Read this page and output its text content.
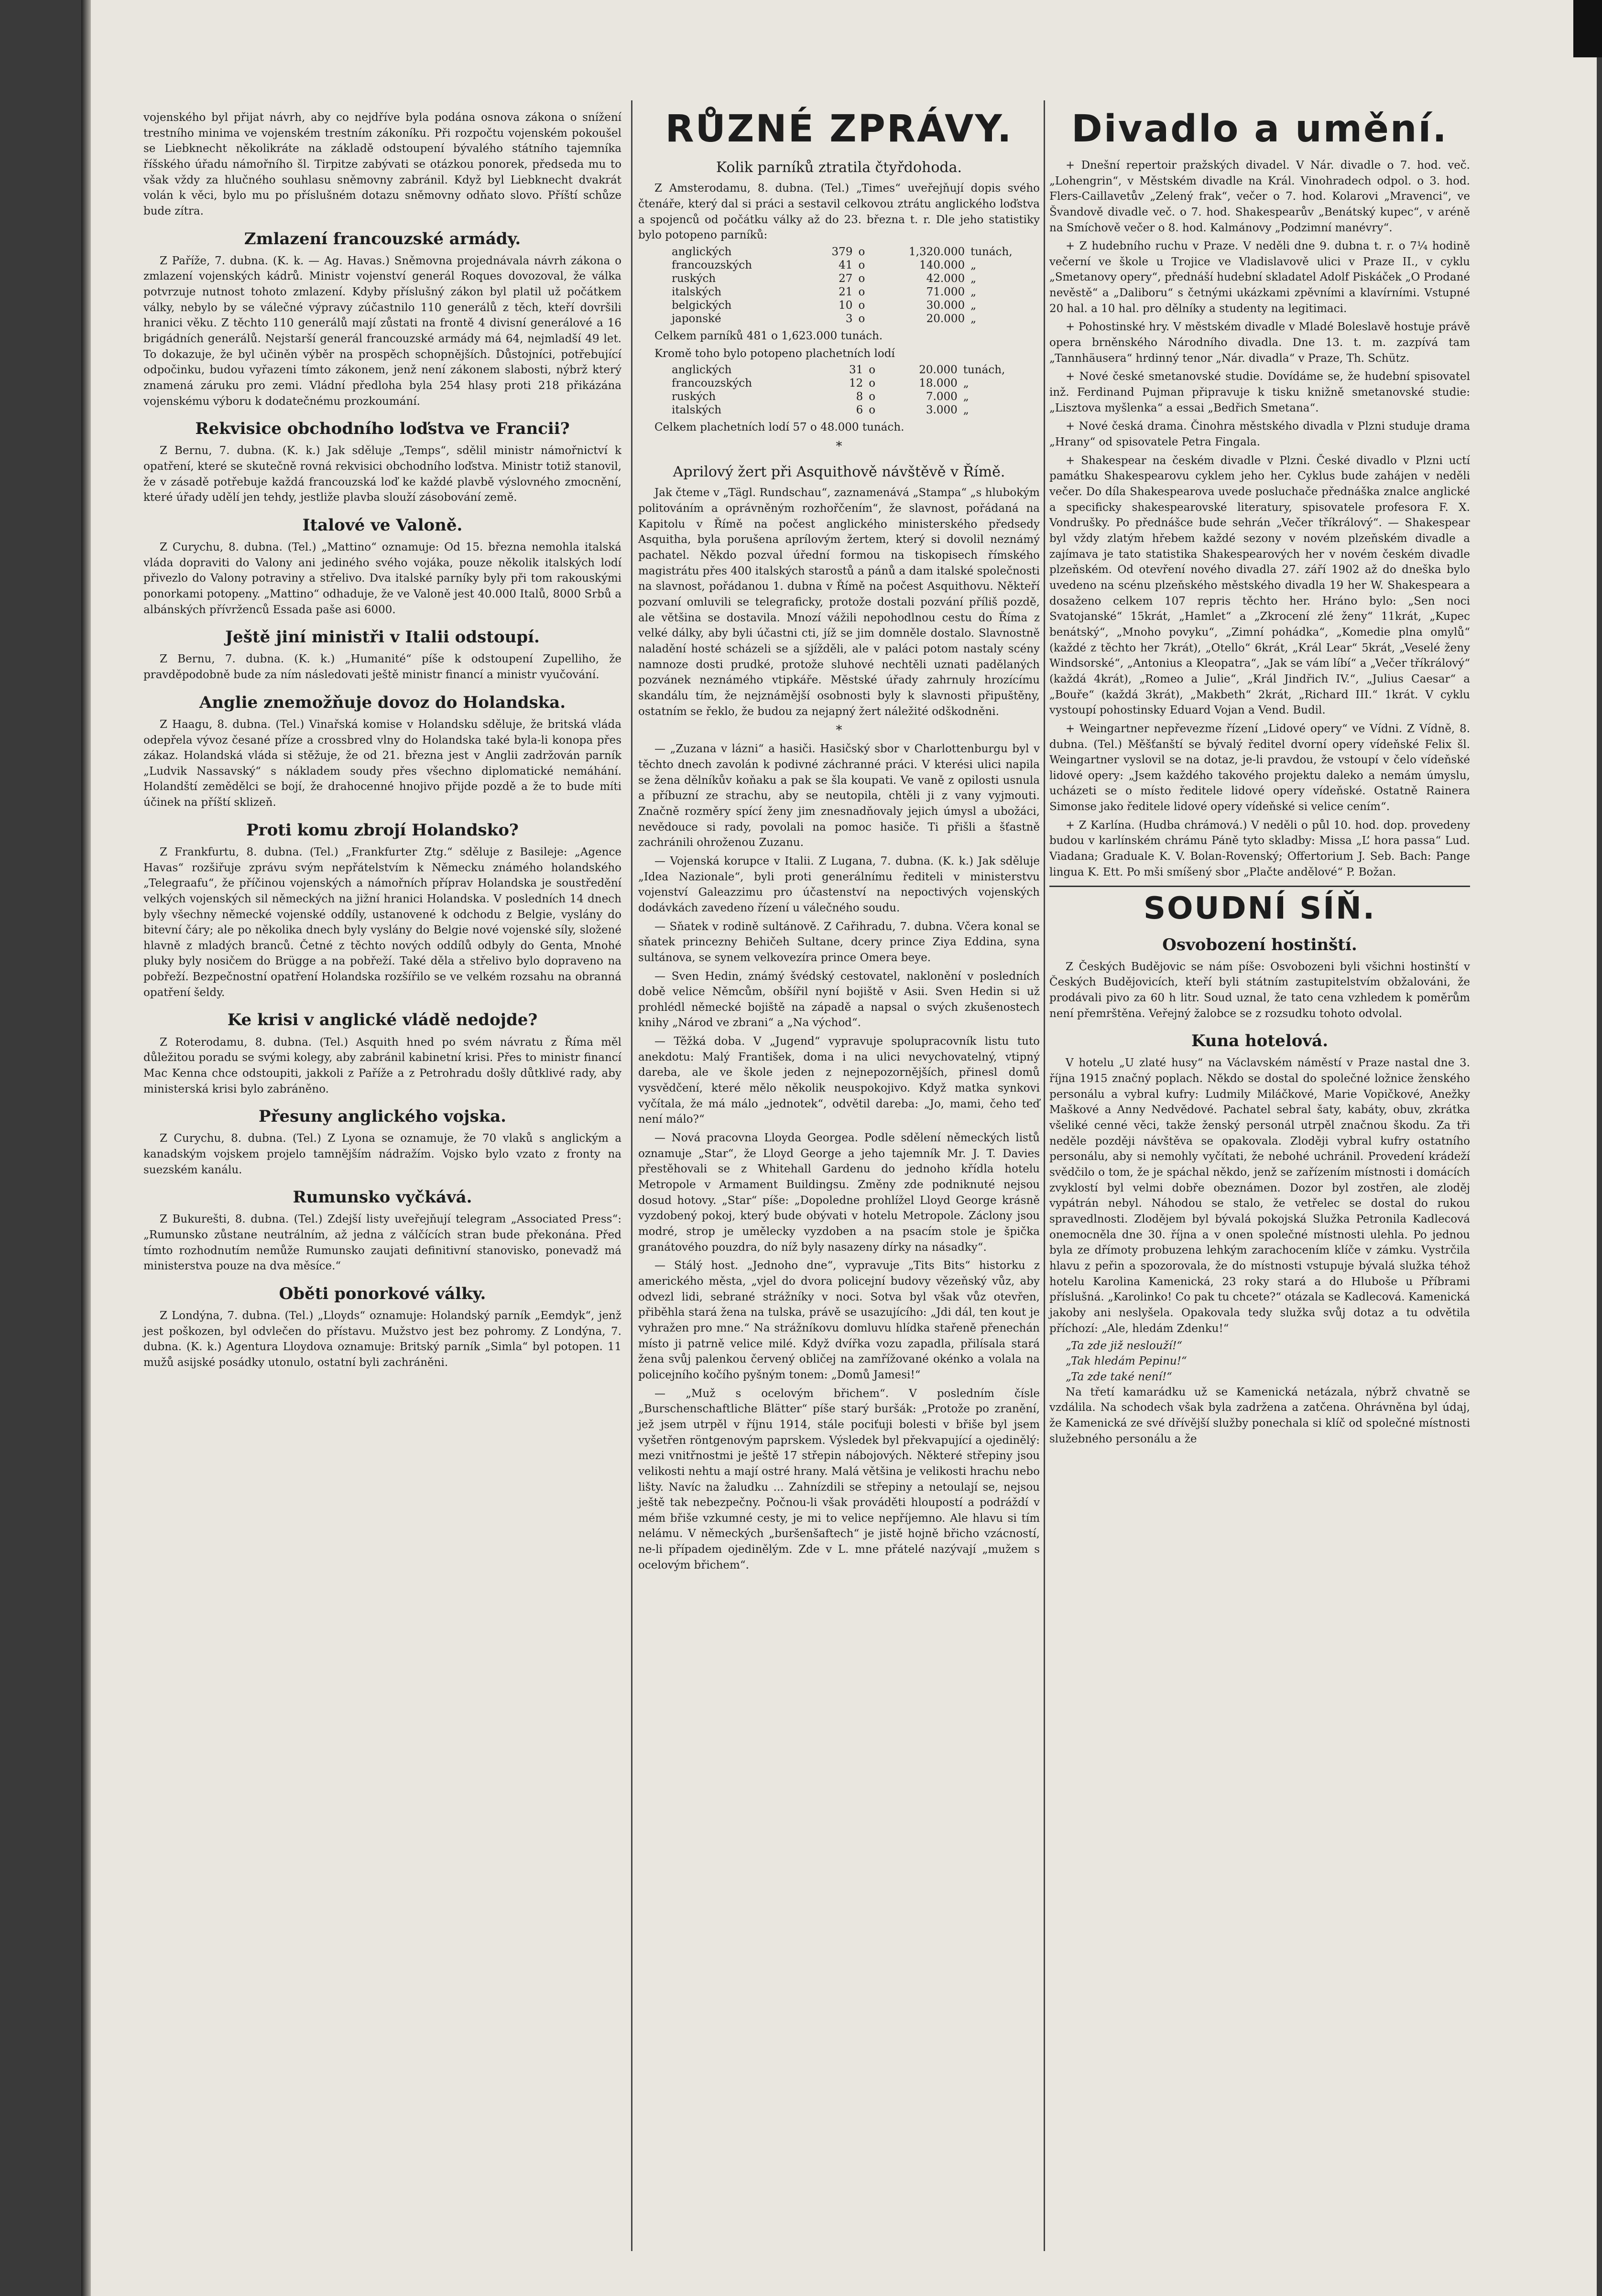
vojenského byl přijat návrh, aby co nejdříve byla podána osnova zákona o snížení trestního minima ve vojenském trestním zákoníku. Při rozpočtu vojenském pokoušel se Liebknecht několikráte na základě odstoupení bývalého státního tajemníka říšského úřadu námořního šl. Tirpitze zabývati se otázkou ponorek, předseda mu to však vždy za hlučného souhlasu sněmovny zabránil. Když byl Liebknecht dvakrát volán k věci, bylo mu po příslušném dotazu sněmovny odňato slovo. Příští schůze bude zítra.

Zmlazení francouzské armády.

Z Paříže, 7. dubna. (K. k. — Ag. Havas.) Sněmovna projednávala návrh zákona o zmlazení vojenských kádrů. Ministr vojenství generál Roques dovozoval, že válka potvrzuje nutnost tohoto zmlazení. Kdyby příslušný zákon byl platil už počátkem války, nebylo by se válečné výpravy zúčastnilo 110 generálů z těch, kteří dovršili hranici věku. Z těchto 110 generálů mají zůstati na frontě 4 divisní generálové a 16 brigádních generálů. Nejstarší generál francouzské armády má 64, nejmladší 49 let. To dokazuje, že byl učiněn výběr na prospěch schopnějších. Důstojníci, potřebující odpočinku, budou vyřazeni tímto zákonem, jenž není zákonem slabosti, nýbrž který znamená záruku pro zemi. Vládní předloha byla 254 hlasy proti 218 přikázána vojenskému výboru k dodatečnému prozkoumání.

Rekvisice obchodního loďstva ve Francii?

Z Bernu, 7. dubna. (K. k.) Jak sděluje „Temps“, sdělil ministr námořnictví k opatření, které se skutečně rovná rekvisici obchodního loďstva. Ministr totiž stanovil, že v zásadě potřebuje každá francouzská loď ke každé plavbě výslovného zmocnění, které úřady udělí jen tehdy, jestliže plavba slouží zásobování země.

Italové ve Valoně.

Z Curychu, 8. dubna. (Tel.) „Mattino“ oznamuje: Od 15. března nemohla italská vláda dopraviti do Valony ani jediného svého vojáka, pouze několik italských lodí přivezlo do Valony potraviny a střelivo. Dva italské parníky byly při tom rakouskými ponorkami potopeny. „Mattino“ odhaduje, že ve Valoně jest 40.000 Italů, 8000 Srbů a albánských přívrženců Essada paše asi 6000.

Ještě jiní ministři v Italii odstoupí.

Z Bernu, 7. dubna. (K. k.) „Humanité“ píše k odstoupení Zupelliho, že pravděpodobně bude za ním následovati ještě ministr financí a ministr vyučování.

Anglie znemožňuje dovoz do Holandska.

Z Haagu, 8. dubna. (Tel.) Vinařská komise v Holandsku sděluje, že britská vláda odepřela vývoz česané příze a crossbred vlny do Holandska také byla-li konopa přes zákaz. Holandská vláda si stěžuje, že od 21. března jest v Anglii zadržován parník „Ludvik Nassavský“ s nákladem soudy přes všechno diplomatické nemáhání. Holandští zemědělci se bojí, že drahocenné hnojivo přijde pozdě a že to bude míti účinek na příští sklizeň.

Proti komu zbrojí Holandsko?

Z Frankfurtu, 8. dubna. (Tel.) „Frankfurter Ztg.“ sděluje z Basileje: „Agence Havas“ rozšiřuje zprávu svým nepřátelstvím k Německu známého holandského „Telegraafu“, že příčinou vojenských a námořních příprav Holandska je soustředění velkých vojenských sil německých na jižní hranici Holandska. V posledních 14 dnech byly všechny německé vojenské oddíly, ustanovené k odchodu z Belgie, vyslány do bitevní čáry; ale po několika dnech byly vyslány do Belgie nové vojenské síly, složené hlavně z mladých branců. Četné z těchto nových oddílů odbyly do Genta, Mnohé pluky byly nosičem do Brügge a na pobřeží. Také děla a střelivo bylo dopraveno na pobřeží. Bezpečnostní opatření Holandska rozšířilo se ve velkém rozsahu na obranná opatření šeldy.

Ke krisi v anglické vládě nedojde?

Z Roterodamu, 8. dubna. (Tel.) Asquith hned po svém návratu z Říma měl důležitou poradu se svými kolegy, aby zabránil kabinetní krisi. Přes to ministr financí Mac Kenna chce odstoupiti, jakkoli z Paříže a z Petrohradu došly důtklivé rady, aby ministerská krisi bylo zabráněno.

Přesuny anglického vojska.

Z Curychu, 8. dubna. (Tel.) Z Lyona se oznamuje, že 70 vlaků s anglickým a kanadským vojskem projelo tamnějším nádražím. Vojsko bylo vzato z fronty na suezském kanálu.

Rumunsko vyčkává.

Z Bukurešti, 8. dubna. (Tel.) Zdejší listy uveřejňují telegram „Associated Press“: „Rumunsko zůstane neutrálním, až jedna z válčících stran bude překonána. Před tímto rozhodnutím nemůže Rumunsko zaujati definitivní stanovisko, ponevadž má ministerstva pouze na dva měsíce.“

Oběti ponorkové války.

Z Londýna, 7. dubna. (Tel.) „Lloyds“ oznamuje: Holandský parník „Eemdyk“, jenž jest poškozen, byl odvlečen do přístavu. Mužstvo jest bez pohromy. Z Londýna, 7. dubna. (K. k.) Agentura Lloydova oznamuje: Britský parník „Simla“ byl potopen. 11 mužů asijské posádky utonulo, ostatní byli zachráněni.

RŮZNÉ ZPRÁVY.
Kolik parníků ztratila čtyřdohoda.

Z Amsterodamu, 8. dubna. (Tel.) „Times“ uveřejňují dopis svého čtenáře, který dal si práci a sestavil celkovou ztrátu anglického loďstva a spojenců od počátku války až do 23. března t. r. Dle jeho statistiky bylo potopeno parníků:

anglických	379	o	1,320.000	tunách,
francouzských	41	o	140.000	„
ruských	27	o	42.000	„
italských	21	o	71.000	„
belgických	10	o	30.000	„
japonské	3	o	20.000	„

Celkem parníků 481 o 1,623.000 tunách.

Kromě toho bylo potopeno plachetních lodí

anglických	31	o	20.000	tunách,
francouzských	12	o	18.000	„
ruských	8	o	7.000	„
italských	6	o	3.000	„

Celkem plachetních lodí 57 o 48.000 tunách.

*
Aprilový žert při Asquithově návštěvě v Římě.

Jak čteme v „Tägl. Rundschau“, zaznamenává „Stampa“ „s hlubokým politováním a oprávněným rozhořčením“, že slavnost, pořádaná na Kapitolu v Římě na počest anglického ministerského předsedy Asquitha, byla porušena aprílovým žertem, který si dovolil neznámý pachatel. Někdo pozval úřední formou na tiskopisech římského magistrátu přes 400 italských starostů a pánů a dam italské společnosti na slavnost, pořádanou 1. dubna v Římě na počest Asquithovu. Někteří pozvaní omluvili se telegraficky, protože dostali pozvání příliš pozdě, ale většina se dostavila. Mnozí vážili nepohodlnou cestu do Říma z velké dálky, aby byli účastni cti, jíž se jim domněle dostalo. Slavnostně naladění hosté scházeli se a sjížděli, ale v paláci potom nastaly scény namnoze dosti prudké, protože sluhové nechtěli uznati padělaných pozvánek neznámého vtipkáře. Městské úřady zahrnuly hrozícímu skandálu tím, že nejznámější osobnosti byly k slavnosti připuštěny, ostatním se řeklo, že budou za nejapný žert náležité odškodněni.

*

— „Zuzana v lázni“ a hasiči. Hasičský sbor v Charlottenburgu byl v těchto dnech zavolán k podivné záchranné práci. V kterési ulici napila se žena dělníkův koňaku a pak se šla koupati. Ve vaně z opilosti usnula a příbuzní ze strachu, aby se neutopila, chtěli ji z vany vyjmouti. Značně rozměry spící ženy jim znesnadňovaly jejich úmysl a ubožáci, nevědouce si rady, povolali na pomoc hasiče. Ti přišli a šťastně zachránili ohroženou Zuzanu.

— Vojenská korupce v Italii. Z Lugana, 7. dubna. (K. k.) Jak sděluje „Idea Nazionale“, byli proti generálnímu řediteli v ministerstvu vojenství Galeazzimu pro účastenství na nepoctivých vojenských dodávkách zavedeno řízení u válečného soudu.

— Sňatek v rodině sultánově. Z Cařihradu, 7. dubna. Včera konal se sňatek princezny Behičeh Sultane, dcery prince Ziya Eddina, syna sultánova, se synem velkovezíra prince Omera beye.

— Sven Hedin, známý švédský cestovatel, naklonění v posledních době velice Němcům, obšířil nyní bojiště v Asii. Sven Hedin si už prohlédl německé bojiště na západě a napsal o svých zkušenostech knihy „Národ ve zbrani“ a „Na východ“.

— Těžká doba. V „Jugend“ vypravuje spolupracovník listu tuto anekdotu: Malý František, doma i na ulici nevychovatelný, vtipný dareba, ale ve škole jeden z nejnepozornějších, přinesl domů vysvědčení, které mělo několik neuspokojivo. Když matka synkovi vyčítala, že má málo „jednotek“, odvětil dareba: „Jo, mami, čeho teď není málo?“

— Nová pracovna Lloyda Georgea. Podle sdělení německých listů oznamuje „Star“, že Lloyd George a jeho tajemník Mr. J. T. Davies přestěhovali se z Whitehall Gardenu do jednoho křídla hotelu Metropole v Armament Buildingsu. Změny zde podniknuté nejsou dosud hotovy. „Star“ píše: „Dopoledne prohlížel Lloyd George krásně vyzdobený pokoj, který bude obývati v hotelu Metropole. Záclony jsou modré, strop je umělecky vyzdoben a na psacím stole je špička granátového pouzdra, do níž byly nasazeny dírky na násadky“.

— Stálý host. „Jednoho dne“, vypravuje „Tits Bits“ historku z amerického města, „vjel do dvora policejní budovy vězeňský vůz, aby odvezl lidi, sebrané strážníky v noci. Sotva byl však vůz otevřen, přiběhla stará žena na tulska, právě se usazujícího: „Jdi dál, ten kout je vyhražen pro mne.“ Na strážníkovu domluvu hlídka stařeně přenechán místo ji patrně velice milé. Když dvířka vozu zapadla, přilísala stará žena svůj palenkou červený obličej na zamřížované okénko a volala na policejního kočího pyšným tonem: „Domů Jamesi!“

— „Muž s ocelovým břichem“. V posledním čísle „Burschenschaftliche Blätter“ píše starý buršák: „Protože po zranění, jež jsem utrpěl v říjnu 1914, stále pociťuji bolesti v břiše byl jsem vyšetřen röntgenovým paprskem. Výsledek byl překvapující a ojedinělý: mezi vnitřnostmi je ještě 17 střepin nábojových. Některé střepiny jsou velikosti nehtu a mají ostré hrany. Malá většina je velikosti hrachu nebo lišty. Navíc na žaludku ... Zahnízdili se střepiny a netoulají se, nejsou ještě tak nebezpečny. Počnou-li však prováděti hloupostí a podráždí v mém břiše vzkumné cesty, je mi to velice nepříjemno. Ale hlavu si tím nelámu. V německých „buršenšaftech“ je jistě hojně břicho vzácností, ne-li případem ojedinělým. Zde v L. mne přátelé nazývají „mužem s ocelovým břichem“.

Divadlo a umění.

+ Dnešní repertoir pražských divadel. V Nár. divadle o 7. hod. več. „Lohengrin“, v Městském divadle na Král. Vinohradech odpol. o 3. hod. Flers-Caillavetův „Zelený frak“, večer o 7. hod. Kolarovi „Mravenci“, ve Švandově divadle več. o 7. hod. Shakespearův „Benátský kupec“, v aréně na Smíchově večer o 8. hod. Kalmánovy „Podzimní manévry“.

+ Z hudebního ruchu v Praze. V neděli dne 9. dubna t. r. o 7¼ hodině večerní ve škole u Trojice ve Vladislavově ulici v Praze II., v cyklu „Smetanovy opery“, přednáší hudební skladatel Adolf Piskáček „O Prodané nevěstě“ a „Daliboru“ s četnými ukázkami zpěvními a klavírními. Vstupné 20 hal. a 10 hal. pro dělníky a studenty na legitimaci.

+ Pohostinské hry. V městském divadle v Mladé Boleslavě hostuje právě opera brněnského Národního divadla. Dne 13. t. m. zazpívá tam „Tannhäusera“ hrdinný tenor „Nár. divadla“ v Praze, Th. Schütz.

+ Nové české smetanovské studie. Dovídáme se, že hudební spisovatel inž. Ferdinand Pujman připravuje k tisku knižně smetanovské studie: „Lisztova myšlenka“ a essai „Bedřich Smetana“.

+ Nové česká drama. Činohra městského divadla v Plzni studuje drama „Hrany“ od spisovatele Petra Fingala.

+ Shakespear na českém divadle v Plzni. České divadlo v Plzni uctí památku Shakespearovu cyklem jeho her. Cyklus bude zahájen v neděli večer. Do díla Shakespearova uvede posluchače přednáška znalce anglické a specificky shakespearovské literatury, spisovatele profesora F. X. Vondrušky. Po přednášce bude sehrán „Večer tříkrálový“. — Shakespear byl vždy zlatým hřebem každé sezony v novém plzeňském divadle a zajímava je tato statistika Shakespearových her v novém českém divadle plzeňském. Od otevření nového divadla 27. září 1902 až do dneška bylo uvedeno na scénu plzeňského městského divadla 19 her W. Shakespeara a dosaženo celkem 107 repris těchto her. Hráno bylo: „Sen noci Svatojanské“ 15krát, „Hamlet“ a „Zkrocení zlé ženy“ 11krát, „Kupec benátský“, „Mnoho povyku“, „Zimní pohádka“, „Komedie plna omylů“ (každé z těchto her 7krát), „Otello“ 6krát, „Král Lear“ 5krát, „Veselé ženy Windsorské“, „Antonius a Kleopatra“, „Jak se vám líbí“ a „Večer tříkrálový“ (každá 4krát), „Romeo a Julie“, „Král Jindřich IV.“, „Julius Caesar“ a „Bouře“ (každá 3krát), „Makbeth“ 2krát, „Richard III.“ 1krát. V cyklu vystoupí pohostinsky Eduard Vojan a Vend. Budil.

+ Weingartner nepřevezme řízení „Lidové opery“ ve Vídni. Z Vídně, 8. dubna. (Tel.) Měšťanští se bývalý ředitel dvorní opery vídeňské Felix šl. Weingartner vyslovil se na dotaz, je-li pravdou, že vstoupí v čelo vídeňské lidové opery: „Jsem každého takového projektu daleko a nemám úmyslu, ucházeti se o místo ředitele lidové opery vídeňské. Ostatně Rainera Simonse jako ředitele lidové opery vídeňské si velice cením“.

+ Z Karlína. (Hudba chrámová.) V neděli o půl 10. hod. dop. provedeny budou v karlínském chrámu Páně tyto skladby: Missa „L’ hora passa“ Lud. Viadana; Graduale K. V. Bolan-Rovenský; Offertorium J. Seb. Bach: Pange lingua K. Ett. Po mši smíšený sbor „Plačte andělové“ P. Božan.

SOUDNÍ SÍŇ.
Osvobození hostinští.

Z Českých Budějovic se nám píše: Osvobozeni byli všichni hostinští v Českých Budějovicích, kteří byli státním zastupitelstvím obžalováni, že prodávali pivo za 60 h litr. Soud uznal, že tato cena vzhledem k poměrům není přemrštěna. Veřejný žalobce se z rozsudku tohoto odvolal.

Kuna hotelová.

V hotelu „U zlaté husy“ na Václavském náměstí v Praze nastal dne 3. října 1915 značný poplach. Někdo se dostal do společné ložnice ženského personálu a vybral kufry: Ludmily Miláčkové, Marie Vopičkové, Anežky Maškové a Anny Nedvědové. Pachatel sebral šaty, kabáty, obuv, zkrátka všeliké cenné věci, takže ženský personál utrpěl značnou škodu. Za tři neděle později návštěva se opakovala. Zloději vybral kufry ostatního personálu, aby si nemohly vyčítati, že nebohé uchránil. Provedení krádeží svědčilo o tom, že je spáchal někdo, jenž se zařízením místnosti i domácích zvyklostí byl velmi dobře obeznámen. Dozor byl zostřen, ale zloděj vypátrán nebyl. Náhodou se stalo, že vetřelec se dostal do rukou spravedlnosti. Zlodějem byl bývalá pokojská Služka Petronila Kadlecová onemocněla dne 30. října a v onen společné místnosti ulehla. Po jednou byla ze dřímoty probuzena lehkým zarachocením klíče v zámku. Vystrčila hlavu z peřin a spozorovala, že do místnosti vstupuje bývalá služka téhož hotelu Karolina Kamenická, 23 roky stará a do Hluboše u Příbrami příslušná. „Karolinko! Co pak tu chcete?“ otázala se Kadlecová. Kamenická jakoby ani neslyšela. Opakovala tedy služka svůj dotaz a tu odvětila příchozí: „Ale, hledám Zdenku!“

„Ta zde již neslouží!“

„Tak hledám Pepinu!“

„Ta zde také není!“

Na třetí kamarádku už se Kamenická netázala, nýbrž chvatně se vzdálila. Na schodech však byla zadržena a zatčena. Ohrávněna byl údaj, že Kamenická ze své dřívější služby ponechala si klíč od společné místnosti služebného personálu a že
